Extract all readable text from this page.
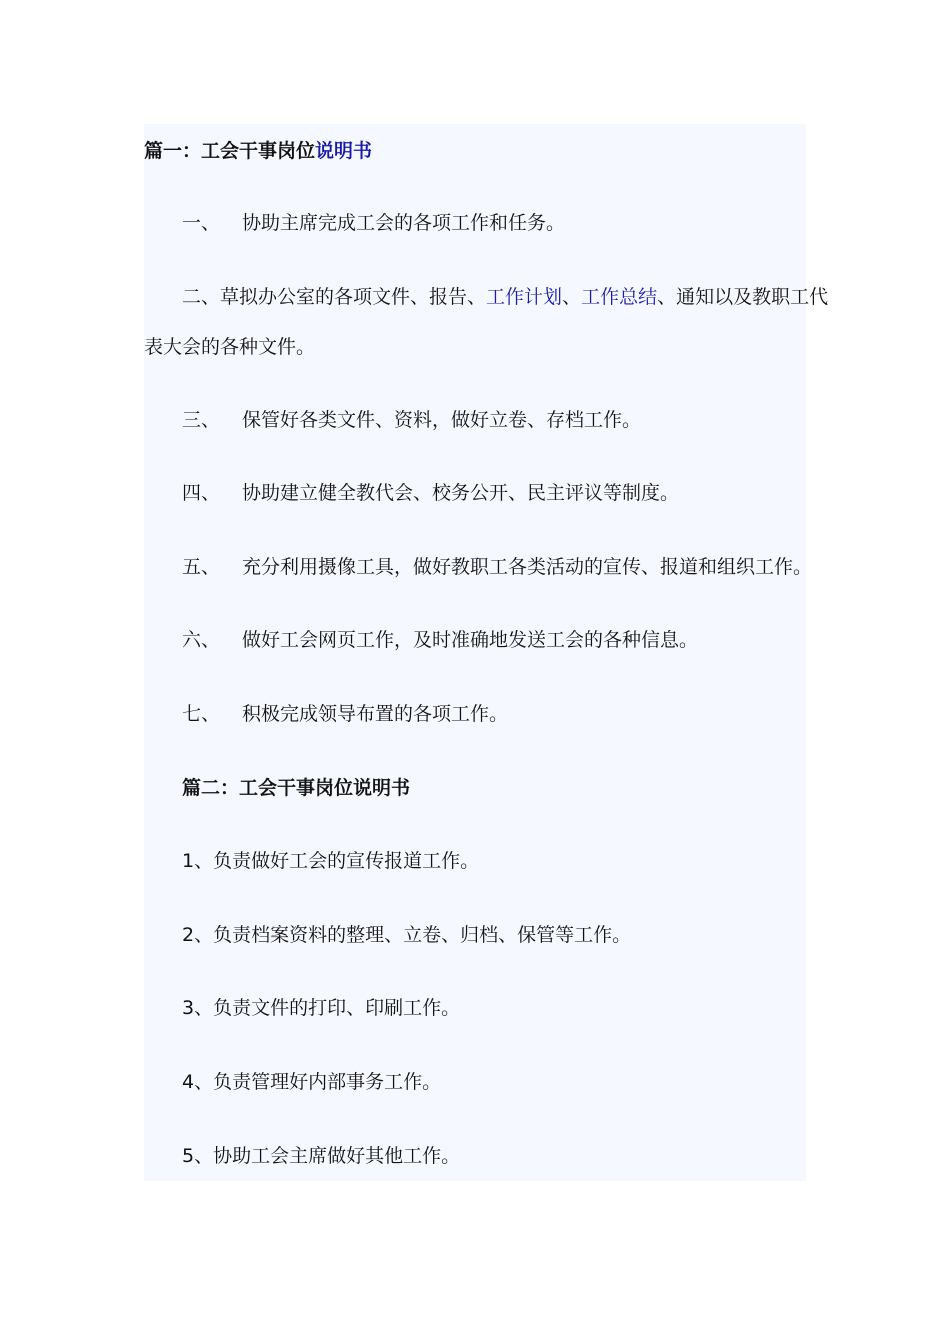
篇一：工会干事岗位说明书
一、 协助主席完成工会的各项工作和任务。
二、草拟办公室的各项文件、报告、工作计划、工作总结、通知以及教职工代
表大会的各种文件。
三、 保管好各类文件、资料，做好立卷、存档工作。
四、 协助建立健全教代会、校务公开、民主评议等制度。
五、 充分利用摄像工具，做好教职工各类活动的宣传、报道和组织工作。
六、 做好工会网页工作，及时准确地发送工会的各种信息。
七、 积极完成领导布置的各项工作。
篇二：工会干事岗位说明书
1、负责做好工会的宣传报道工作。
2、负责档案资料的整理、立卷、归档、保管等工作。
3、负责文件的打印、印刷工作。
4、负责管理好内部事务工作。
5、协助工会主席做好其他工作。
